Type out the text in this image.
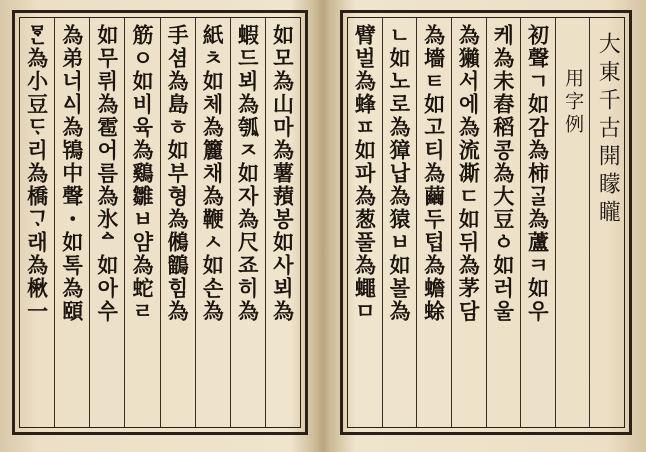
如모為山마為薯蕷봉如사뵈為
蝦드뵈為瓠ㅈ如자為尺죠히為
紙ㅊ如체為籭채為鞭ㅅ如손為
手셤為島ㅎ如부형為鵂鶹힘為
筋ㅇ如비육為鷄雛ㅂ얌為蛇ㄹ
如무뤼為雹어름為氷ᅀ如아ᅀᅮ
為弟너ᅀᅵ為鴇中聲・如톡為頤
ᄝᆞᆫ為小豆ᄃᆞ리為橋ᄀᆞ래為楸一	大東千古開矇矓
用字例
初聲ㄱ如감為柿ᄀᆞᆯ為蘆ㅋ如우
케為未舂稻콩為大豆ㆁ如러울
為獺서에為流凘ㄷ如뒤為茅담
為墻ㅌ如고티為繭두텁為蟾蜍
ㄴ如노로為獐납為猿ㅂ如볼為
臂벌為蜂ㅍ如파為葱풀為蠅ㅁ
